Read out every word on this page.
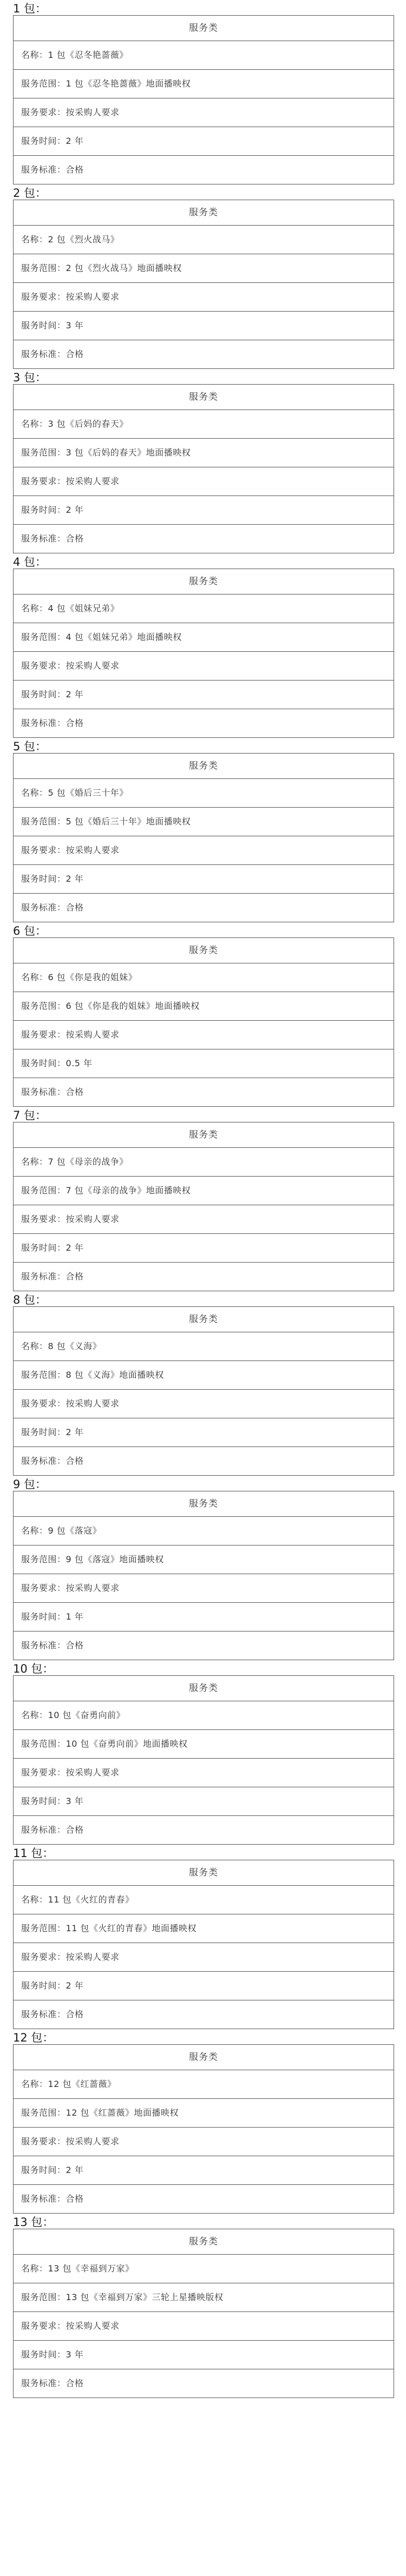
1 包：
服务类
名称：1 包《忍冬艳蔷薇》
服务范围：1 包《忍冬艳蔷薇》地面播映权
服务要求：按采购人要求
服务时间：2 年
服务标准：合格
2 包：
服务类
名称：2 包《烈火战马》
服务范围：2 包《烈火战马》地面播映权
服务要求：按采购人要求
服务时间：3 年
服务标准：合格
3 包：
服务类
名称：3 包《后妈的春天》
服务范围：3 包《后妈的春天》地面播映权
服务要求：按采购人要求
服务时间：2 年
服务标准：合格
4 包：
服务类
名称：4 包《姐妹兄弟》
服务范围：4 包《姐妹兄弟》地面播映权
服务要求：按采购人要求
服务时间：2 年
服务标准：合格
5 包：
服务类
名称：5 包《婚后三十年》
服务范围：5 包《婚后三十年》地面播映权
服务要求：按采购人要求
服务时间：2 年
服务标准：合格
6 包：
服务类
名称：6 包《你是我的姐妹》
服务范围：6 包《你是我的姐妹》地面播映权
服务要求：按采购人要求
服务时间：0.5 年
服务标准：合格
7 包：
服务类
名称：7 包《母亲的战争》
服务范围：7 包《母亲的战争》地面播映权
服务要求：按采购人要求
服务时间：2 年
服务标准：合格
8 包：
服务类
名称：8 包《义海》
服务范围：8 包《义海》地面播映权
服务要求：按采购人要求
服务时间：2 年
服务标准：合格
9 包：
服务类
名称：9 包《落寇》
服务范围：9 包《落寇》地面播映权
服务要求：按采购人要求
服务时间：1 年
服务标准：合格
10 包：
服务类
名称：10 包《奋勇向前》
服务范围：10 包《奋勇向前》地面播映权
服务要求：按采购人要求
服务时间：3 年
服务标准：合格
11 包：
服务类
名称：11 包《火红的青春》
服务范围：11 包《火红的青春》地面播映权
服务要求：按采购人要求
服务时间：2 年
服务标准：合格
12 包：
服务类
名称：12 包《红蔷薇》
服务范围：12 包《红蔷薇》地面播映权
服务要求：按采购人要求
服务时间：2 年
服务标准：合格
13 包：
服务类
名称：13 包《幸福到万家》
服务范围：13 包《幸福到万家》三轮上星播映版权
服务要求：按采购人要求
服务时间：3 年
服务标准：合格
